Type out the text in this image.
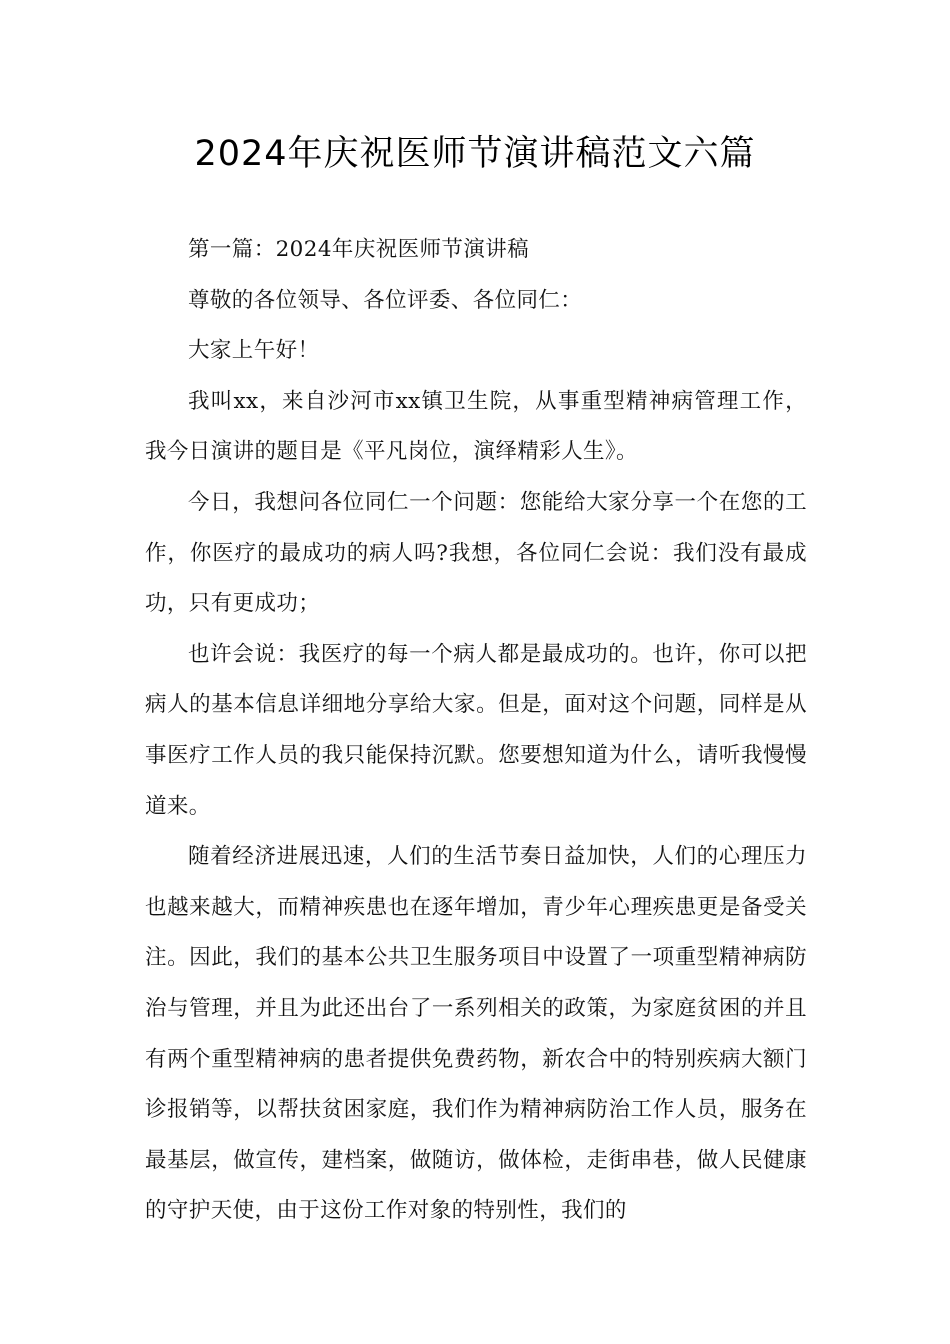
2024年庆祝医师节演讲稿范文六篇

第一篇：2024年庆祝医师节演讲稿

尊敬的各位领导、各位评委、各位同仁：

大家上午好！

我叫xx，来自沙河市xx镇卫生院，从事重型精神病管理工作，我今日演讲的题目是《平凡岗位，演绎精彩人生》。

今日，我想问各位同仁一个问题：您能给大家分享一个在您的工作，你医疗的最成功的病人吗?我想，各位同仁会说：我们没有最成功，只有更成功；

也许会说：我医疗的每一个病人都是最成功的。也许，你可以把病人的基本信息详细地分享给大家。但是，面对这个问题，同样是从事医疗工作人员的我只能保持沉默。您要想知道为什么，请听我慢慢道来。

随着经济进展迅速，人们的生活节奏日益加快，人们的心理压力也越来越大，而精神疾患也在逐年增加，青少年心理疾患更是备受关注。因此，我们的基本公共卫生服务项目中设置了一项重型精神病防治与管理，并且为此还出台了一系列相关的政策，为家庭贫困的并且有两个重型精神病的患者提供免费药物，新农合中的特别疾病大额门诊报销等，以帮扶贫困家庭，我们作为精神病防治工作人员，服务在最基层，做宣传，建档案，做随访，做体检，走街串巷，做人民健康的守护天使，由于这份工作对象的特别性，我们的
